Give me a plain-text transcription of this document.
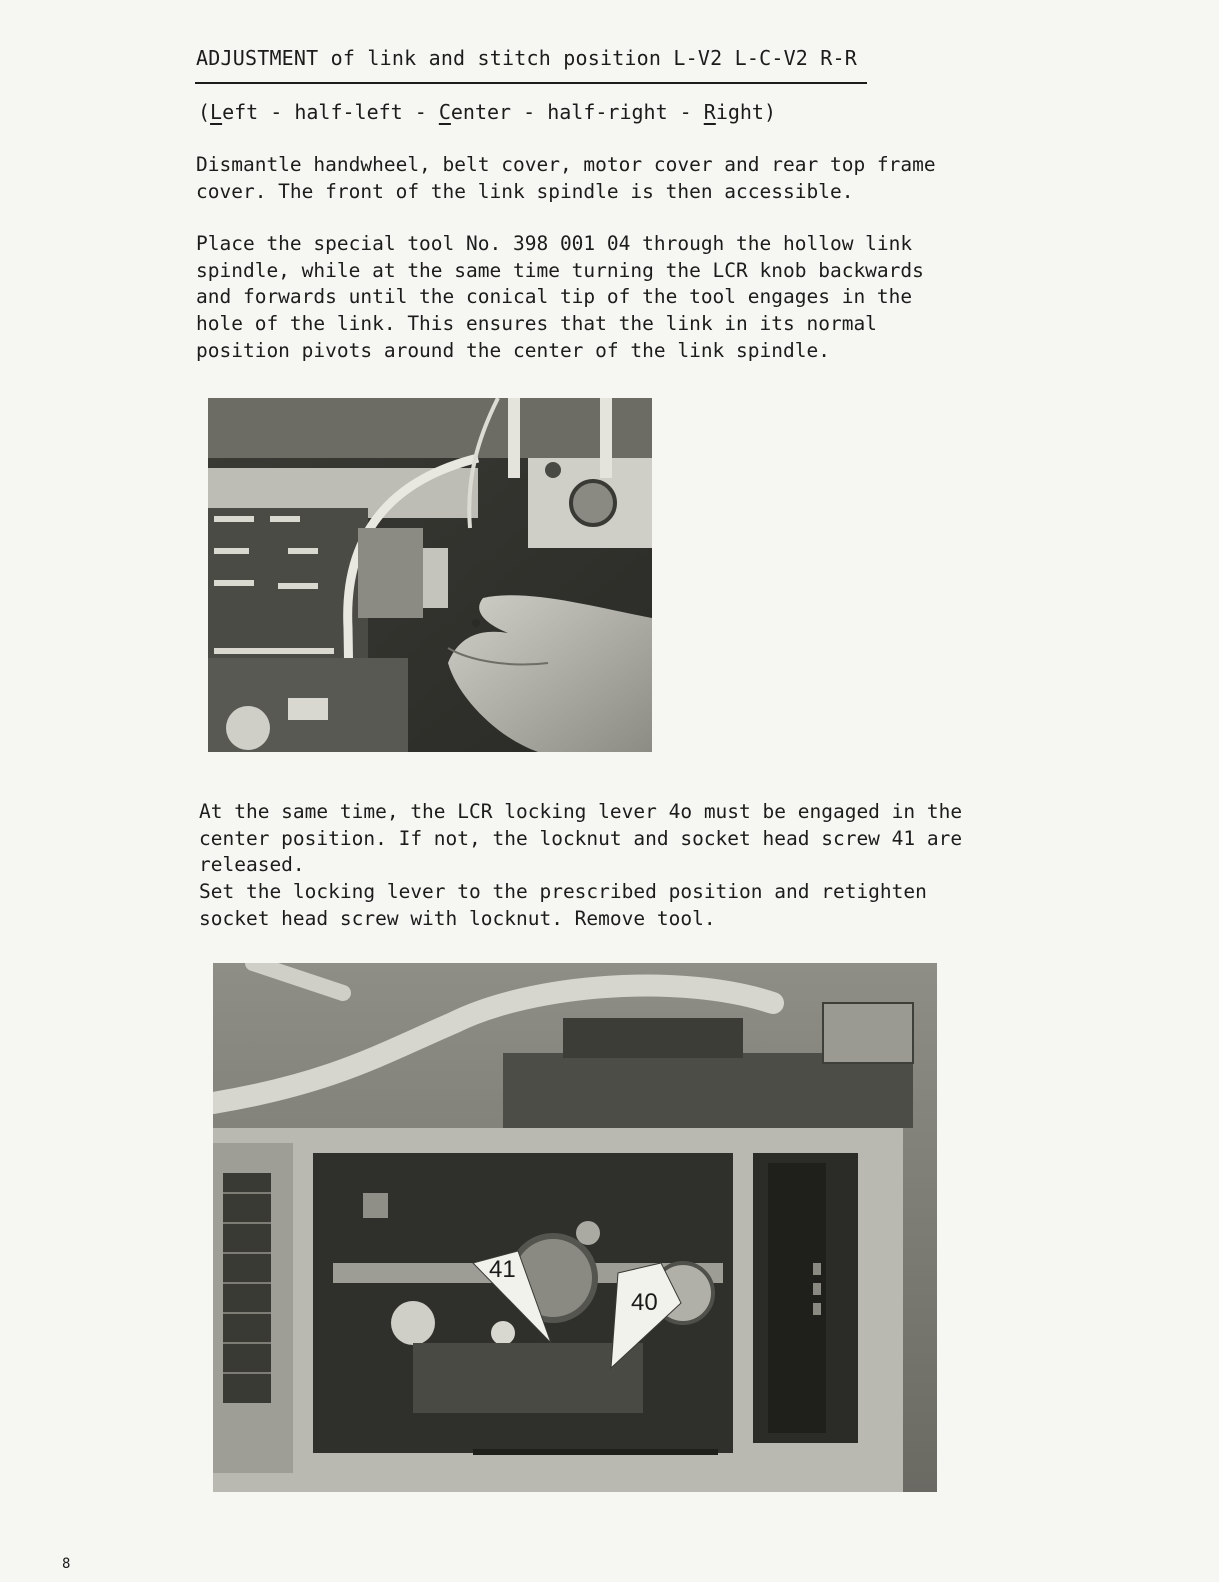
ADJUSTMENT of link and stitch position L-V2 L-C-V2 R-R
(Left - half-left - Center - half-right - Right)
Dismantle handwheel, belt cover, motor cover and rear top frame
cover. The front of the link spindle is then accessible.
Place the special tool No. 398 001 04 through the hollow link
spindle, while at the same time turning the LCR knob backwards
and forwards until the conical tip of the tool engages in the
hole of the link. This ensures that the link in its normal
position pivots around the center of the link spindle.
At the same time, the LCR locking lever 4o must be engaged in the
center position. If not, the locknut and socket head screw 41 are
released.
Set the locking lever to the prescribed position and retighten
socket head screw with locknut. Remove tool.
41
40
8
